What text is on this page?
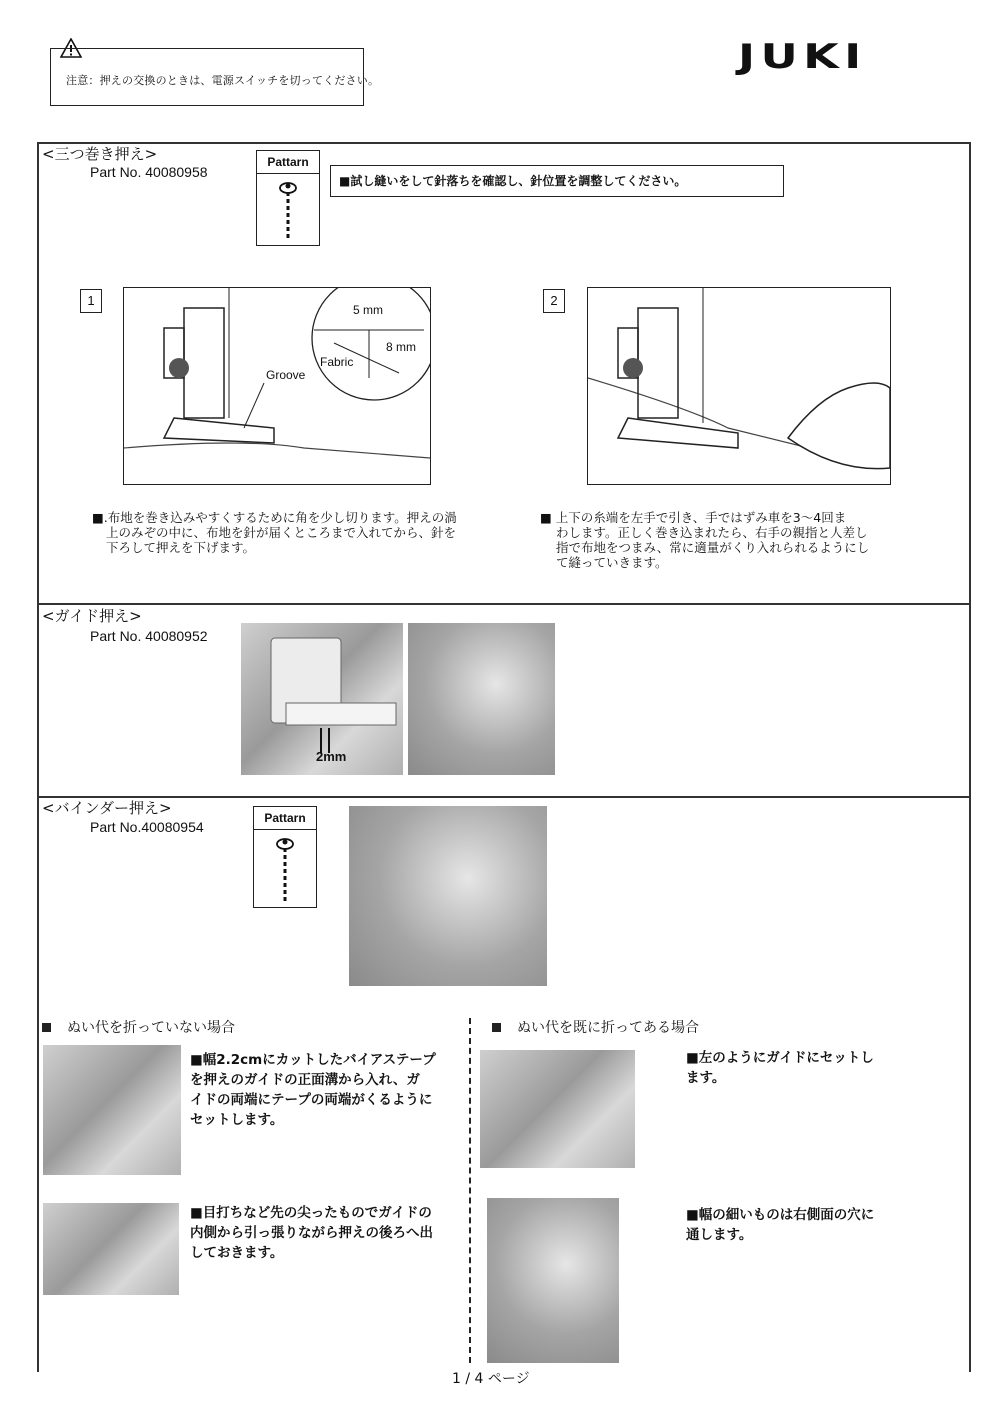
注意：押えの交換のときは、電源スイッチを切ってください。
JUKI
<三つ巻き押え>
Part No. 40080958
Pattarn
■試し縫いをして針落ちを確認し、針位置を調整してください。
1
5 mm
8 mm
Fabric
Groove
2
■.布地を巻き込みやすくするために角を少し切ります。押えの渦
上のみぞの中に、布地を針が届くところまで入れてから、針を
下ろして押えを下げます。
■ 上下の糸端を左手で引き、手ではずみ車を3～4回ま
わします。正しく巻き込まれたら、右手の親指と人差し
指で布地をつまみ、常に適量がくり入れられるようにし
て縫っていきます。
<ガイド押え>
Part No. 40080952
2mm
<バインダー押え>
Part No.40080954
Pattarn
ぬい代を折っていない場合	ぬい代を既に折ってある場合
■幅2.2cmにカットしたバイアステープ
を押えのガイドの正面溝から入れ、ガ
イドの両端にテープの両端がくるように
セットします。
■目打ちなど先の尖ったものでガイドの
内側から引っ張りながら押えの後ろへ出
しておきます。
■左のようにガイドにセットし
ます。
■幅の細いものは右側面の穴に
通します。
1 / 4 ページ
